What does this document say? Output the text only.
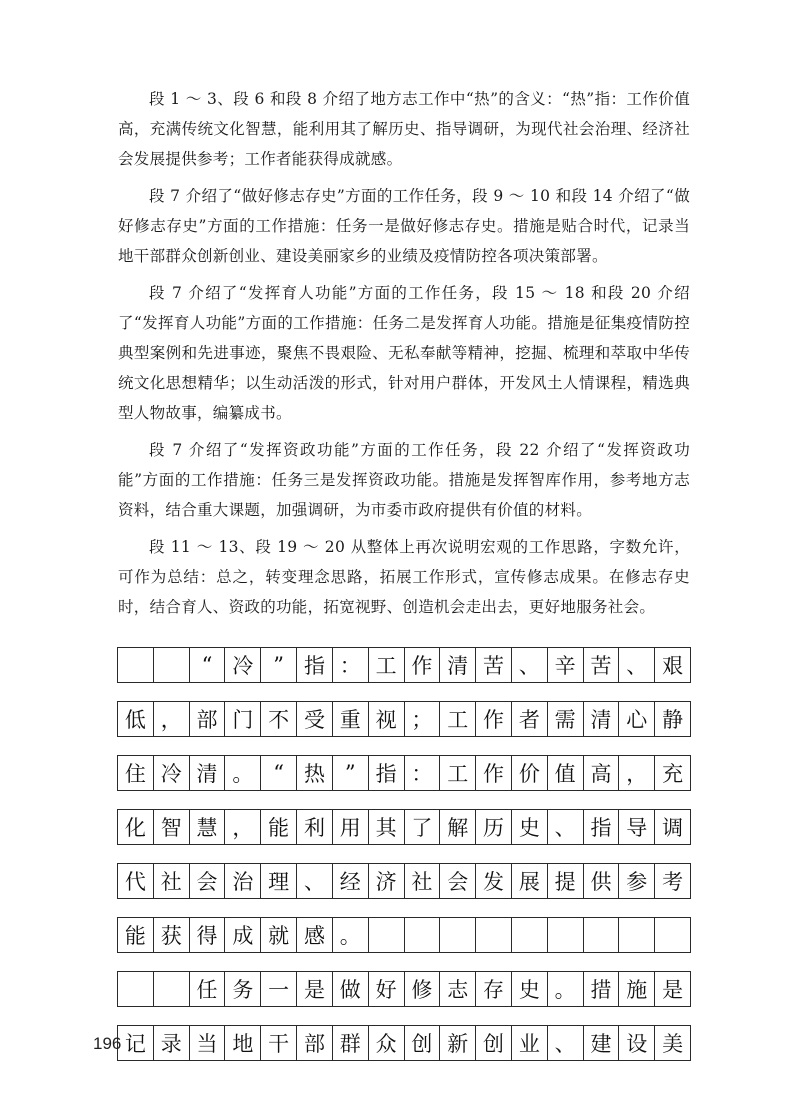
段 1 ～ 3、段 6 和段 8 介绍了地方志工作中“热”的含义：“热”指：工作价值高，充满传统文化智慧，能利用其了解历史、指导调研，为现代社会治理、经济社会发展提供参考；工作者能获得成就感。

段 7 介绍了“做好修志存史”方面的工作任务，段 9 ～ 10 和段 14 介绍了“做好修志存史”方面的工作措施：任务一是做好修志存史。措施是贴合时代，记录当地干部群众创新创业、建设美丽家乡的业绩及疫情防控各项决策部署。

段 7 介绍了“发挥育人功能”方面的工作任务，段 15 ～ 18 和段 20 介绍了“发挥育人功能”方面的工作措施：任务二是发挥育人功能。措施是征集疫情防控典型案例和先进事迹，聚焦不畏艰险、无私奉献等精神，挖掘、梳理和萃取中华传统文化思想精华；以生动活泼的形式，针对用户群体，开发风土人情课程，精选典型人物故事，编纂成书。

段 7 介绍了“发挥资政功能”方面的工作任务，段 22 介绍了“发挥资政功能”方面的工作措施：任务三是发挥资政功能。措施是发挥智库作用，参考地方志资料，结合重大课题，加强调研，为市委市政府提供有价值的材料。

段 11 ～ 13、段 19 ～ 20 从整体上再次说明宏观的工作思路，字数允许，可作为总结：总之，转变理念思路，拓展工作形式，宣传修志成果。在修志存史时，结合育人、资政的功能，拓宽视野、创造机会走出去，更好地服务社会。

“ 冷 ” 指 ： 工 作 清 苦 、 辛 苦 、 艰
低 ， 部 门 不 受 重 视 ； 工 作 者 需 清 心 静
住 冷 清 。 “ 热 ” 指 ： 工 作 价 值 高 ， 充
化 智 慧 ， 能 利 用 其 了 解 历 史 、 指 导 调
代 社 会 治 理 、 经 济 社 会 发 展 提 供 参 考
能 获 得 成 就 感 。
任 务 一 是 做 好 修 志 存 史 。 措 施 是
记 录 当 地 干 部 群 众 创 新 创 业 、 建 设 美
196
